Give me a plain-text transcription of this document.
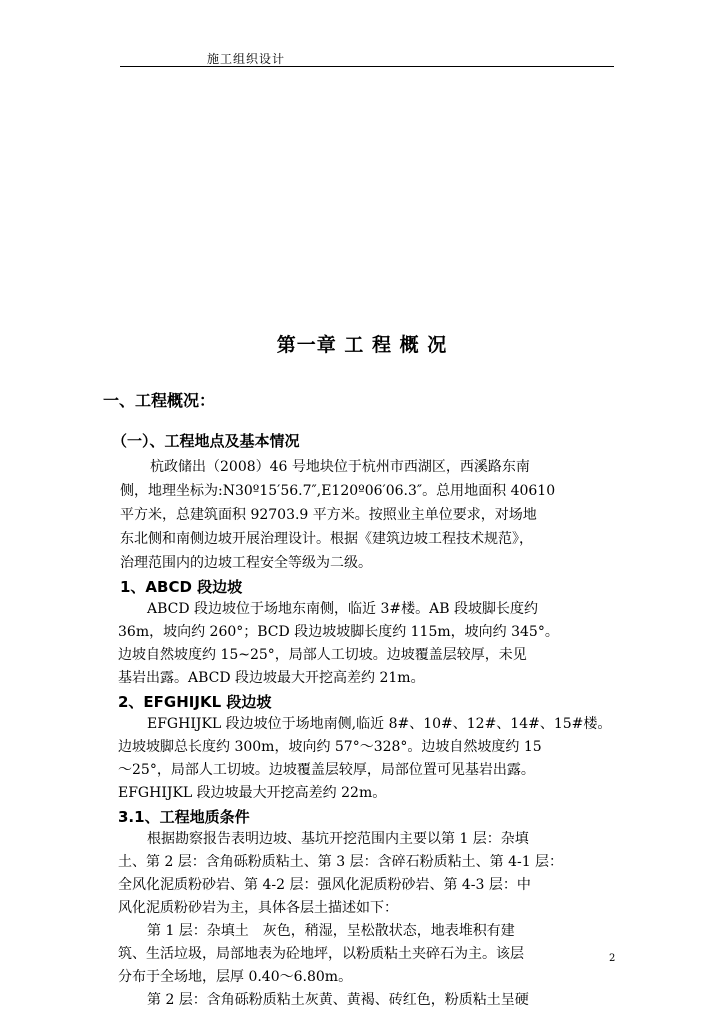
施工组织设计
第一章 工 程 概 况
一、工程概况：
（一）、工程地点及基本情况
杭政储出（2008）46 号地块位于杭州市西湖区，西溪路东南
侧，地理坐标为:N30º15′56.7″,E120º06′06.3″。总用地面积 40610
平方米，总建筑面积 92703.9 平方米。按照业主单位要求，对场地
东北侧和南侧边坡开展治理设计。根据《建筑边坡工程技术规范》，
治理范围内的边坡工程安全等级为二级。
1、ABCD 段边坡
ABCD 段边坡位于场地东南侧，临近 3#楼。AB 段坡脚长度约
36m，坡向约 260°；BCD 段边坡坡脚长度约 115m，坡向约 345°。
边坡自然坡度约 15~25°，局部人工切坡。边坡覆盖层较厚，未见
基岩出露。ABCD 段边坡最大开挖高差约 21m。
2、EFGHIJKL 段边坡
EFGHIJKL 段边坡位于场地南侧,临近 8#、10#、12#、14#、15#楼。
边坡坡脚总长度约 300m，坡向约 57°～328°。边坡自然坡度约 15
～25°，局部人工切坡。边坡覆盖层较厚，局部位置可见基岩出露。
EFGHIJKL 段边坡最大开挖高差约 22m。
3.1、工程地质条件
根据勘察报告表明边坡、基坑开挖范围内主要以第 1 层：杂填
土、第 2 层：含角砾粉质粘土、第 3 层：含碎石粉质粘土、第 4-1 层：
全风化泥质粉砂岩、第 4-2 层：强风化泥质粉砂岩、第 4-3 层：中
风化泥质粉砂岩为主，具体各层土描述如下：
第 1 层：杂填土　灰色，稍湿，呈松散状态，地表堆积有建
筑、生活垃圾，局部地表为砼地坪，以粉质粘土夹碎石为主。该层
分布于全场地，层厚 0.40～6.80m。
第 2 层：含角砾粉质粘土灰黄、黄褐、砖红色，粉质粘土呈硬
2
